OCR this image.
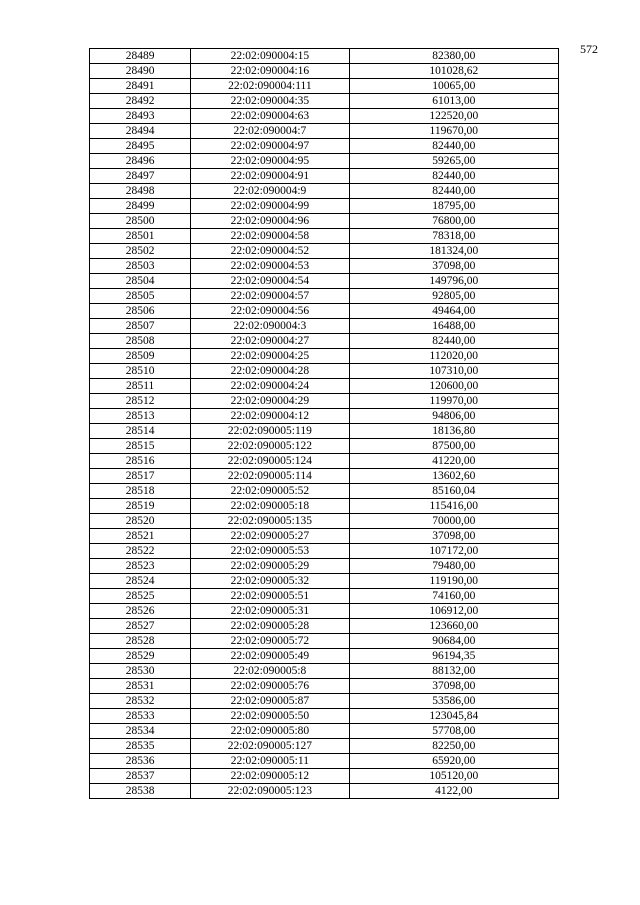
572
28489	22:02:090004:15	82380,00
28490	22:02:090004:16	101028,62
28491	22:02:090004:111	10065,00
28492	22:02:090004:35	61013,00
28493	22:02:090004:63	122520,00
28494	22:02:090004:7	119670,00
28495	22:02:090004:97	82440,00
28496	22:02:090004:95	59265,00
28497	22:02:090004:91	82440,00
28498	22:02:090004:9	82440,00
28499	22:02:090004:99	18795,00
28500	22:02:090004:96	76800,00
28501	22:02:090004:58	78318,00
28502	22:02:090004:52	181324,00
28503	22:02:090004:53	37098,00
28504	22:02:090004:54	149796,00
28505	22:02:090004:57	92805,00
28506	22:02:090004:56	49464,00
28507	22:02:090004:3	16488,00
28508	22:02:090004:27	82440,00
28509	22:02:090004:25	112020,00
28510	22:02:090004:28	107310,00
28511	22:02:090004:24	120600,00
28512	22:02:090004:29	119970,00
28513	22:02:090004:12	94806,00
28514	22:02:090005:119	18136,80
28515	22:02:090005:122	87500,00
28516	22:02:090005:124	41220,00
28517	22:02:090005:114	13602,60
28518	22:02:090005:52	85160,04
28519	22:02:090005:18	115416,00
28520	22:02:090005:135	70000,00
28521	22:02:090005:27	37098,00
28522	22:02:090005:53	107172,00
28523	22:02:090005:29	79480,00
28524	22:02:090005:32	119190,00
28525	22:02:090005:51	74160,00
28526	22:02:090005:31	106912,00
28527	22:02:090005:28	123660,00
28528	22:02:090005:72	90684,00
28529	22:02:090005:49	96194,35
28530	22:02:090005:8	88132,00
28531	22:02:090005:76	37098,00
28532	22:02:090005:87	53586,00
28533	22:02:090005:50	123045,84
28534	22:02:090005:80	57708,00
28535	22:02:090005:127	82250,00
28536	22:02:090005:11	65920,00
28537	22:02:090005:12	105120,00
28538	22:02:090005:123	4122,00
